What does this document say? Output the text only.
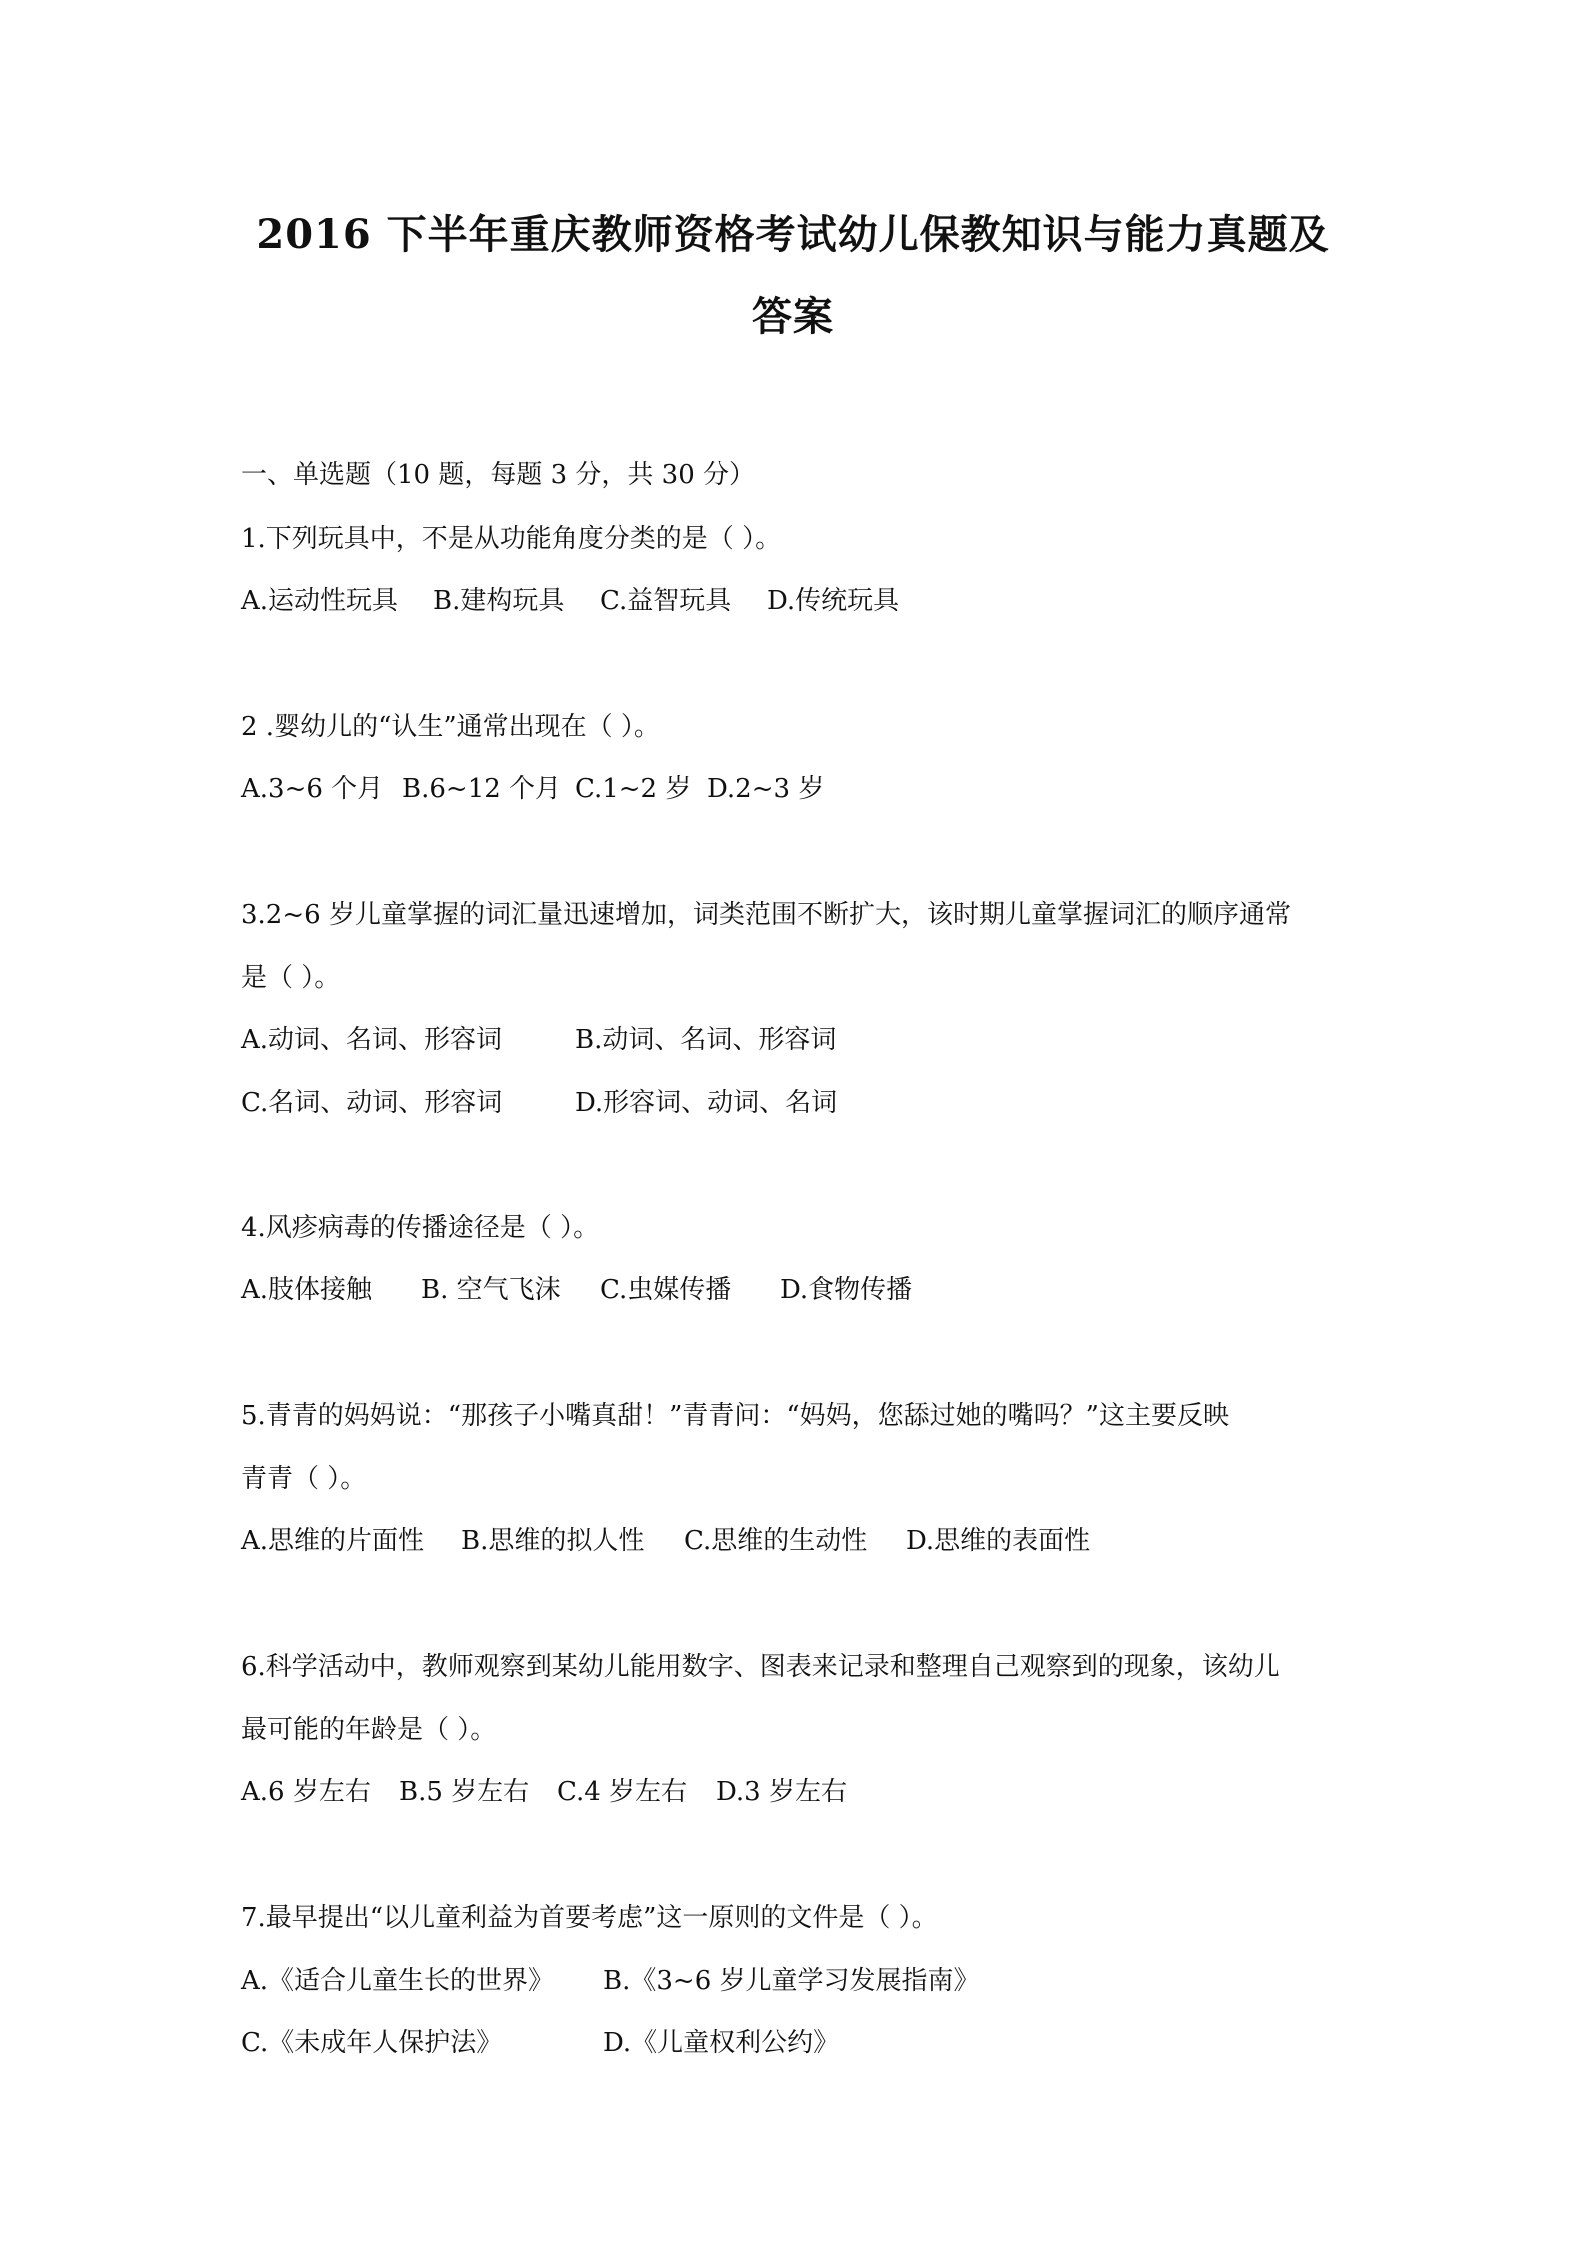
2016 下半年重庆教师资格考试幼儿保教知识与能力真题及
答案
一、单选题（10 题，每题 3 分，共 30 分）
1.下列玩具中，不是从功能角度分类的是（ ）。
A.运动性玩具 B.建构玩具 C.益智玩具 D.传统玩具
2 .婴幼儿的“认生”通常出现在（ ）。
A.3~6 个月 B.6~12 个月 C.1~2 岁 D.2~3 岁
3.2~6 岁儿童掌握的词汇量迅速增加，词类范围不断扩大，该时期儿童掌握词汇的顺序通常
是（ ）。
A.动词、名词、形容词	B.动词、名词、形容词
C.名词、动词、形容词	D.形容词、动词、名词
4.风疹病毒的传播途径是（ ）。
A.肢体接触 B. 空气飞沫 C.虫媒传播 D.食物传播
5.青青的妈妈说：“那孩子小嘴真甜！”青青问：“妈妈，您舔过她的嘴吗？”这主要反映
青青（ ）。
A.思维的片面性 B.思维的拟人性 C.思维的生动性 D.思维的表面性
6.科学活动中，教师观察到某幼儿能用数字、图表来记录和整理自己观察到的现象，该幼儿
最可能的年龄是（ ）。
A.6 岁左右 B.5 岁左右 C.4 岁左右 D.3 岁左右
7.最早提出“以儿童利益为首要考虑”这一原则的文件是（ ）。
A.《适合儿童生长的世界》 B.《3~6 岁儿童学习发展指南》
C.《未成年人保护法》	D.《儿童权利公约》
